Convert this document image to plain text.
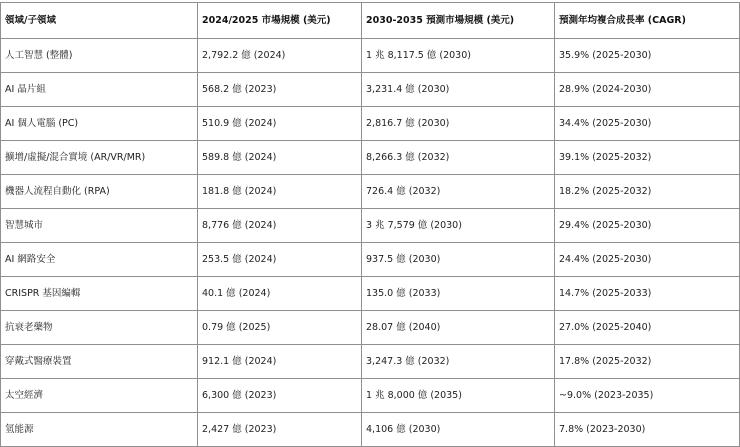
領域/子領域	2024/2025 市場規模 (美元)	2030-2035 預測市場規模 (美元)	預測年均複合成長率 (CAGR)
人工智慧 (整體)	2,792.2 億 (2024)	1 兆 8,117.5 億 (2030)	35.9% (2025-2030)
AI 晶片組	568.2 億 (2023)	3,231.4 億 (2030)	28.9% (2024-2030)
AI 個人電腦 (PC)	510.9 億 (2024)	2,816.7 億 (2030)	34.4% (2025-2030)
擴增/虛擬/混合實境 (AR/VR/MR)	589.8 億 (2024)	8,266.3 億 (2032)	39.1% (2025-2032)
機器人流程自動化 (RPA)	181.8 億 (2024)	726.4 億 (2032)	18.2% (2025-2032)
智慧城市	8,776 億 (2024)	3 兆 7,579 億 (2030)	29.4% (2025-2030)
AI 網路安全	253.5 億 (2024)	937.5 億 (2030)	24.4% (2025-2030)
CRISPR 基因編輯	40.1 億 (2024)	135.0 億 (2033)	14.7% (2025-2033)
抗衰老藥物	0.79 億 (2025)	28.07 億 (2040)	27.0% (2025-2040)
穿戴式醫療裝置	912.1 億 (2024)	3,247.3 億 (2032)	17.8% (2025-2032)
太空經濟	6,300 億 (2023)	1 兆 8,000 億 (2035)	~9.0% (2023-2035)
氫能源	2,427 億 (2023)	4,106 億 (2030)	7.8% (2023-2030)
